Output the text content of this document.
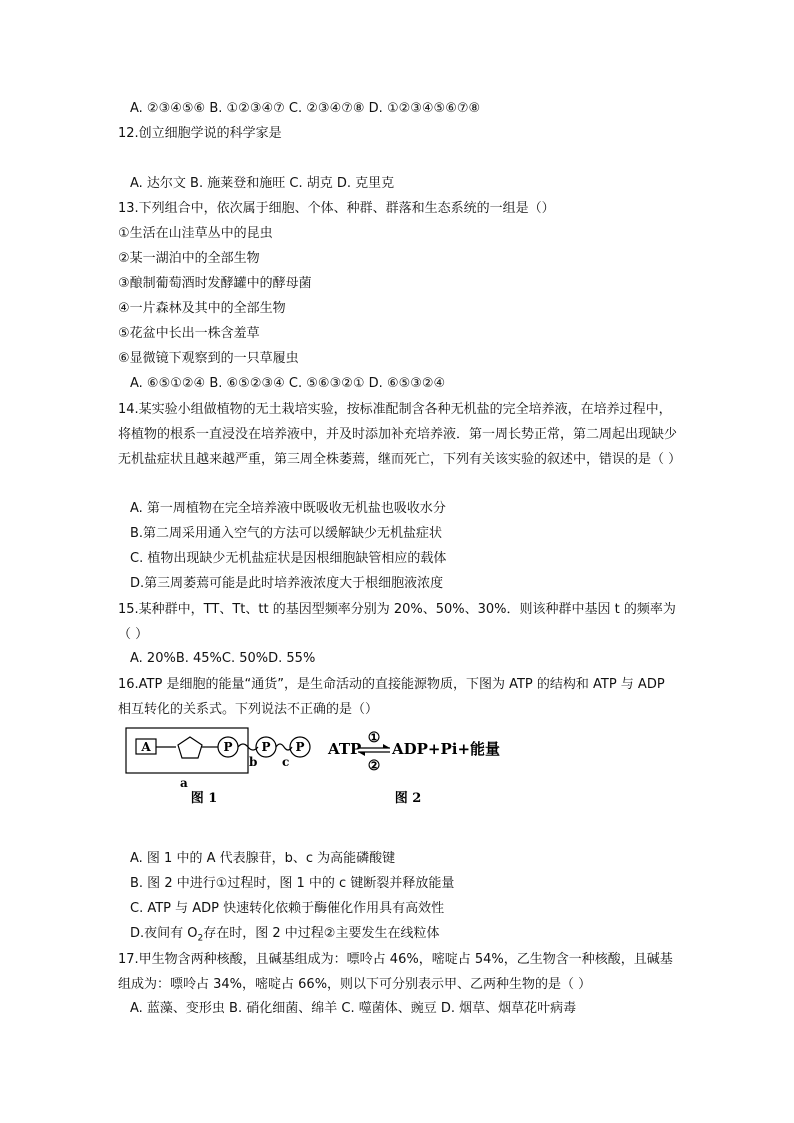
A. ②③④⑤⑥ B. ①②③④⑦ C. ②③④⑦⑧ D. ①②③④⑤⑥⑦⑧
12.创立细胞学说的科学家是
A. 达尔文 B. 施莱登和施旺 C. 胡克 D. 克里克
13.下列组合中，依次属于细胞、个体、种群、群落和生态系统的一组是（）
①生活在山洼草丛中的昆虫
②某一湖泊中的全部生物
③酿制葡萄酒时发酵罐中的酵母菌
④一片森林及其中的全部生物
⑤花盆中长出一株含羞草
⑥显微镜下观察到的一只草履虫
A. ⑥⑤①②④ B. ⑥⑤②③④ C. ⑤⑥③②① D. ⑥⑤③②④
14.某实验小组做植物的无土栽培实验，按标准配制含各种无机盐的完全培养液，在培养过程中，将植物的根系一直浸没在培养液中，并及时添加补充培养液．第一周长势正常，第二周起出现缺少无机盐症状且越来越严重，第三周全株萎蔫，继而死亡，下列有关该实验的叙述中，错误的是（ ）
A. 第一周植物在完全培养液中既吸收无机盐也吸收水分
B.第二周采用通入空气的方法可以缓解缺少无机盐症状
C. 植物出现缺少无机盐症状是因根细胞缺管相应的载体
D.第三周萎蔫可能是此时培养液浓度大于根细胞液浓度
15.某种群中，TT、Tt、tt 的基因型频率分别为 20%、50%、30%．则该种群中基因 t 的频率为（ ）
A. 20%B. 45%C. 50%D. 55%
16.ATP 是细胞的能量“通货”，是生命活动的直接能源物质，下图为 ATP 的结构和 ATP 与 ADP 相互转化的关系式。下列说法不正确的是（）
A	P P P
b c
a
图 1
ATP
①
②
ADP+Pi+能量
图 2
A. 图 1 中的 A 代表腺苷，b、c 为高能磷酸键
B. 图 2 中进行①过程时，图 1 中的 c 键断裂并释放能量
C. ATP 与 ADP 快速转化依赖于酶催化作用具有高效性
D.夜间有 $O_2$存在时，图 2 中过程②主要发生在线粒体
17.甲生物含两种核酸，且碱基组成为：嘌呤占 46%，嘧啶占 54%，乙生物含一种核酸，且碱基组成为：嘌呤占 34%，嘧啶占 66%，则以下可分别表示甲、乙两种生物的是（ ）
A. 蓝藻、变形虫 B. 硝化细菌、绵羊 C. 噬菌体、豌豆 D. 烟草、烟草花叶病毒
